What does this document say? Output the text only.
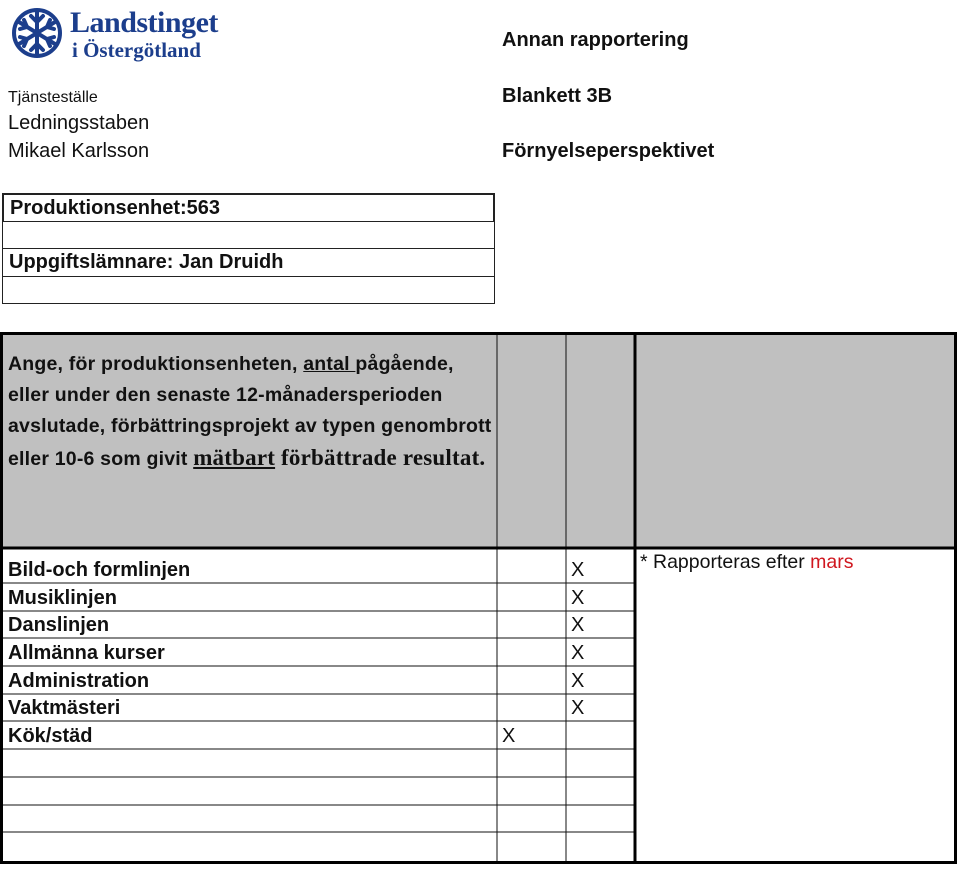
Landstinget
i Östergötland	Annan rapportering
Blankett 3B
Förnyelseperspektivet
Tjänsteställe
Ledningsstaben
Mikael Karlsson
Produktionsenhet:563
Uppgiftslämnare: Jan Druidh
Ange, för produktionsenheten, antal pågående, eller under den senaste 12-månadersperioden avslutade, förbättringsprojekt av typen genombrott eller 10-6 som givit mätbart förbättrade resultat.
Bild-och formlinjen
Musiklinjen
Danslinjen
Allmänna kurser
Administration
Vaktmästeri
Kök/städ	X
X
X
X
X
X
X
* Rapporteras efter mars
